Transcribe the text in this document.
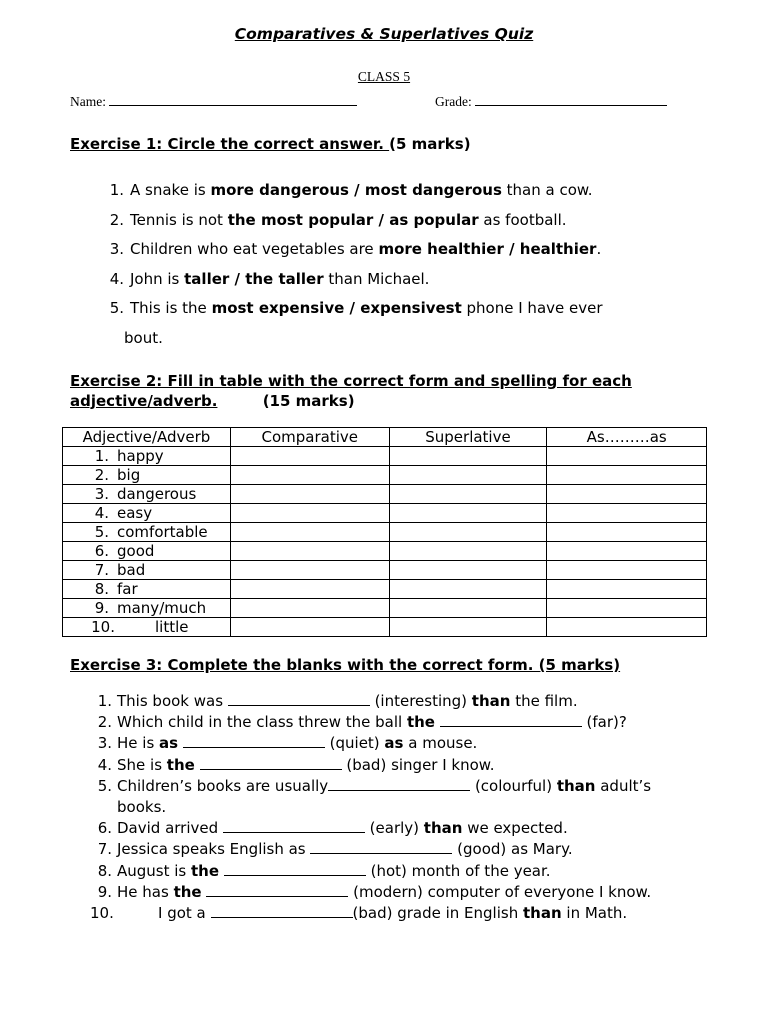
Comparatives & Superlatives Quiz
CLASS 5
Name:	Grade:
Exercise 1: Circle the correct answer. (5 marks)
1. A snake is more dangerous / most dangerous than a cow.
2. Tennis is not the most popular / as popular as football.
3. Children who eat vegetables are more healthier / healthier.
4. John is taller / the taller than Michael.
5. This is the most expensive / expensivest phone I have ever
bout.
Exercise 2: Fill in table with the correct form and spelling for each
adjective/adverb.	(15 marks)
Adjective/Adverb	Comparative	Superlative	As………as
1. happy			
2. big			
3. dangerous			
4. easy			
5. comfortable			
6. good			
7. bad			
8. far			
9. many/much			
10. little			
Exercise 3: Complete the blanks with the correct form. (5 marks)
1. This book was	(interesting) than the film.
2. Which child in the class threw the ball the	(far)?
3. He is as	(quiet) as a mouse.
4. She is the	(bad) singer I know.
5. Children’s books are usually	(colourful) than adult’s
books.
6. David arrived	(early) than we expected.
7. Jessica speaks English as	(good) as Mary.
8. August is the	(hot) month of the year.
9. He has the	(modern) computer of everyone I know.
10.	I got a	(bad) grade in English than in Math.
